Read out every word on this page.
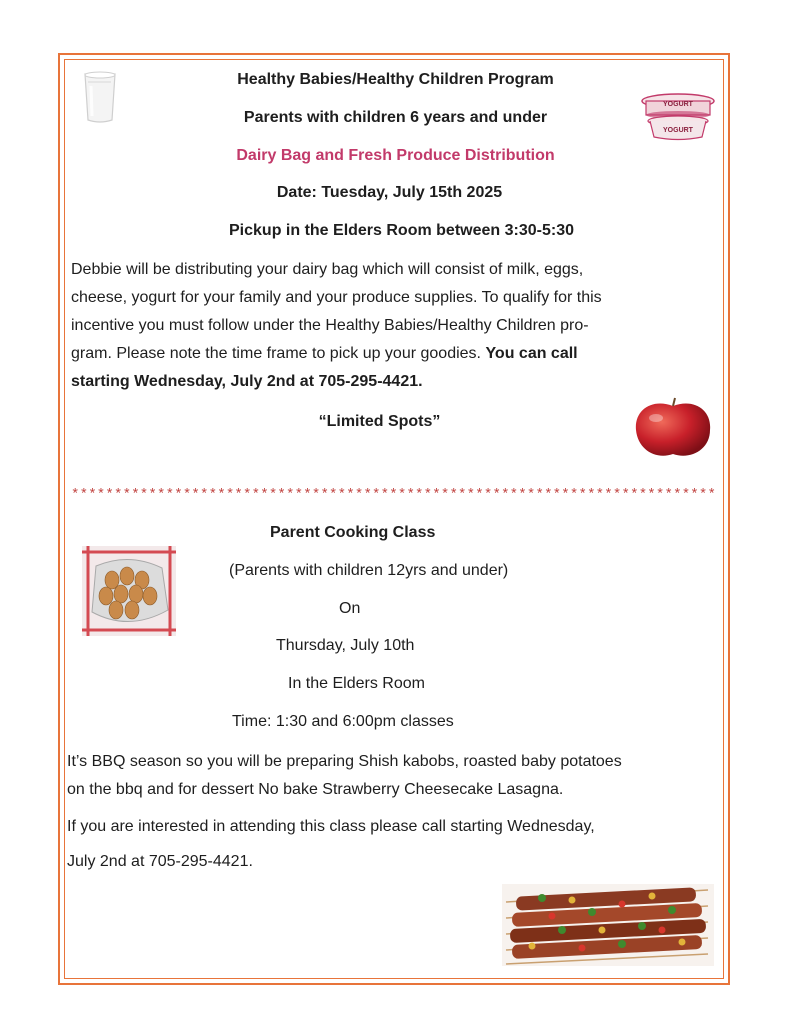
YOGURT
YOGURT
Healthy Babies/Healthy Children Program
Parents with children 6 years and under
Dairy Bag and Fresh Produce Distribution
Date: Tuesday, July 15th 2025
Pickup in the Elders Room between 3:30-5:30
Debbie will be distributing your dairy bag which will consist of milk, eggs,
cheese, yogurt for your family and your produce supplies. To qualify for this
incentive you must follow under the Healthy Babies/Healthy Children pro-
gram. Please note the time frame to pick up your goodies. You can call
starting Wednesday, July 2nd at 705-295-4421.
“Limited Spots”
***************************************************************************
Parent Cooking Class
(Parents with children 12yrs and under)
On
Thursday, July 10th
In the Elders Room
Time: 1:30 and 6:00pm classes
It’s BBQ season so you will be preparing Shish kabobs, roasted baby potatoes
on the bbq and for dessert No bake Strawberry Cheesecake Lasagna.
If you are interested in attending this class please call starting Wednesday,
July 2nd at 705-295-4421.
